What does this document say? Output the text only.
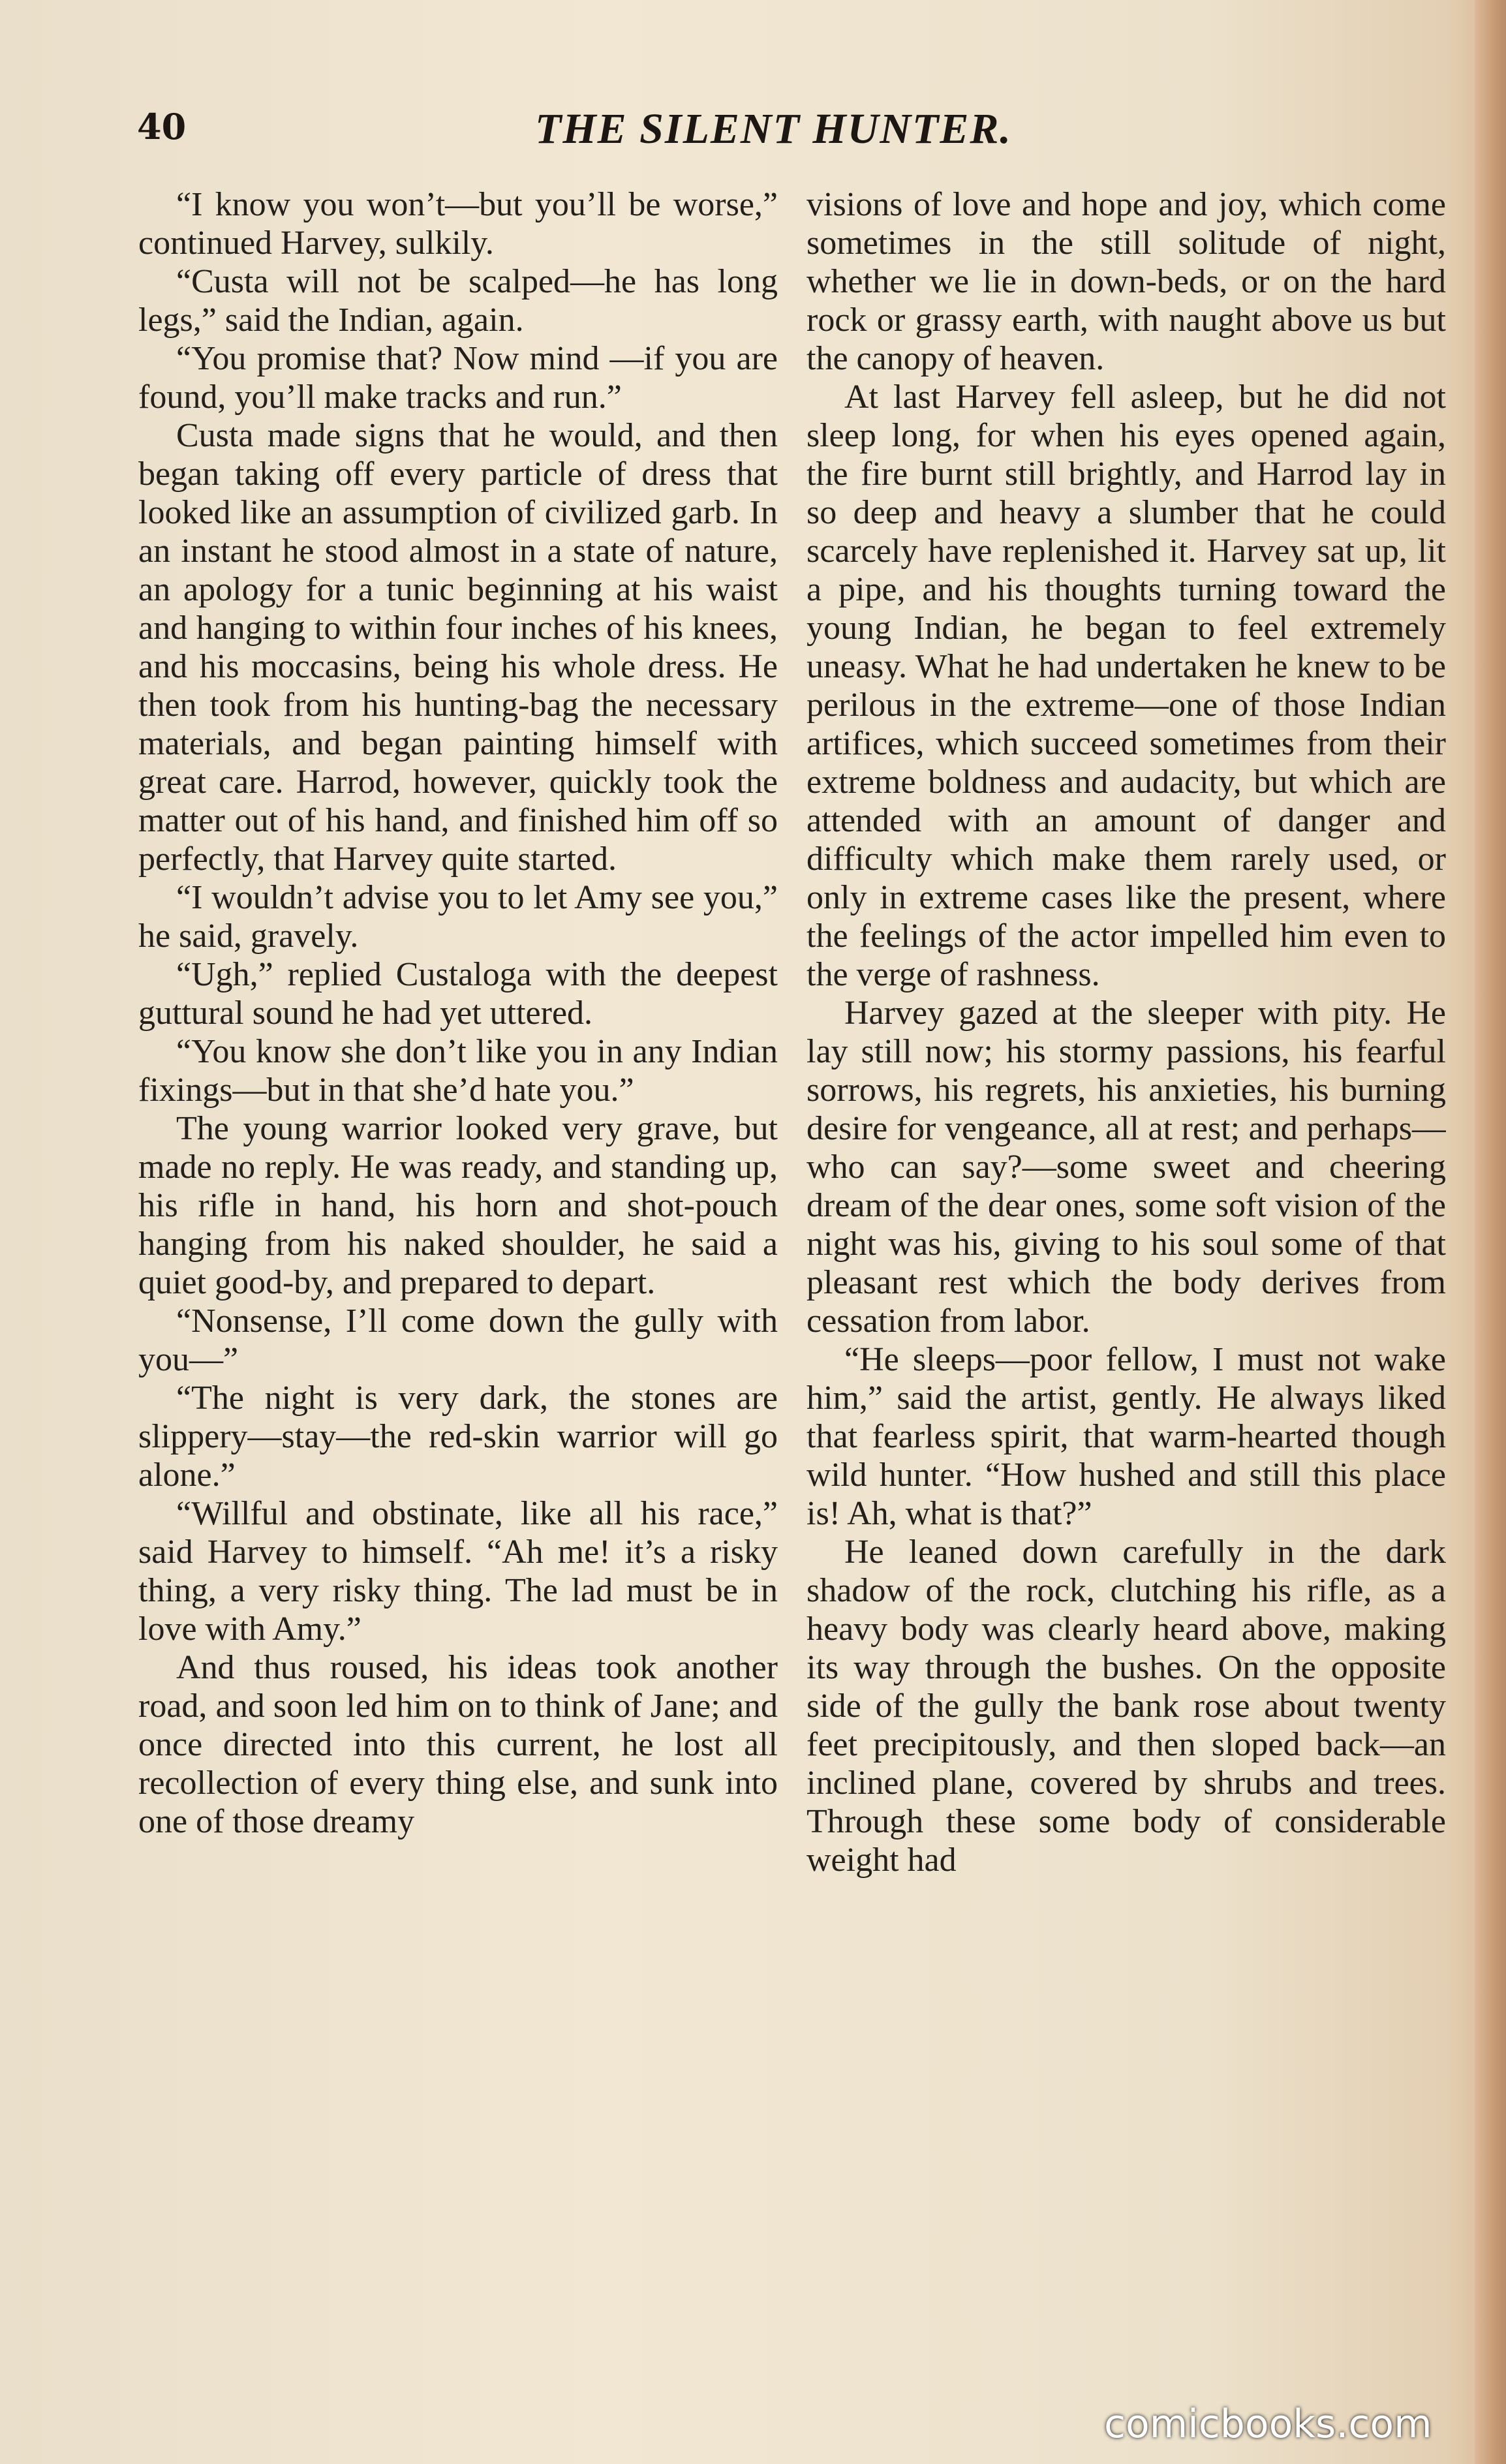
40	THE SILENT HUNTER.

“I know you won’t—but you’ll be worse,” continued Harvey, sulkily.

“Custa will not be scalped—he has long legs,” said the Indian, again.

“You promise that? Now mind —if you are found, you’ll make tracks and run.”

Custa made signs that he would, and then began taking off every particle of dress that looked like an assumption of civilized garb. In an instant he stood almost in a state of nature, an apology for a tunic beginning at his waist and hanging to within four inches of his knees, and his moccasins, being his whole dress. He then took from his hunting-bag the necessary materials, and began painting himself with great care. Harrod, however, quickly took the matter out of his hand, and finished him off so perfectly, that Harvey quite started.

“I wouldn’t advise you to let Amy see you,” he said, gravely.

“Ugh,” replied Custaloga with the deepest guttural sound he had yet uttered.

“You know she don’t like you in any Indian fixings—but in that she’d hate you.”

The young warrior looked very grave, but made no reply. He was ready, and standing up, his rifle in hand, his horn and shot-pouch hanging from his naked shoulder, he said a quiet good-by, and prepared to depart.

“Nonsense, I’ll come down the gully with you—”

“The night is very dark, the stones are slippery—stay—the red-skin warrior will go alone.”

“Willful and obstinate, like all his race,” said Harvey to himself. “Ah me! it’s a risky thing, a very risky thing. The lad must be in love with Amy.”

And thus roused, his ideas took another road, and soon led him on to think of Jane; and once directed into this current, he lost all recollection of every thing else, and sunk into one of those dreamy

visions of love and hope and joy, which come sometimes in the still solitude of night, whether we lie in down-beds, or on the hard rock or grassy earth, with naught above us but the canopy of heaven.

At last Harvey fell asleep, but he did not sleep long, for when his eyes opened again, the fire burnt still brightly, and Harrod lay in so deep and heavy a slumber that he could scarcely have replenished it. Harvey sat up, lit a pipe, and his thoughts turning toward the young Indian, he began to feel extremely uneasy. What he had undertaken he knew to be perilous in the extreme—one of those Indian artifices, which succeed sometimes from their extreme boldness and audacity, but which are attended with an amount of danger and difficulty which make them rarely used, or only in extreme cases like the present, where the feelings of the actor impelled him even to the verge of rashness.

Harvey gazed at the sleeper with pity. He lay still now; his stormy passions, his fearful sorrows, his regrets, his anxieties, his burning desire for vengeance, all at rest; and perhaps—who can say?—some sweet and cheering dream of the dear ones, some soft vision of the night was his, giving to his soul some of that pleasant rest which the body derives from cessation from labor.

“He sleeps—poor fellow, I must not wake him,” said the artist, gently. He always liked that fearless spirit, that warm-hearted though wild hunter. “How hushed and still this place is! Ah, what is that?”

He leaned down carefully in the dark shadow of the rock, clutching his rifle, as a heavy body was clearly heard above, making its way through the bushes. On the opposite side of the gully the bank rose about twenty feet precipitously, and then sloped back—an inclined plane, covered by shrubs and trees. Through these some body of considerable weight had

comicbooks.com
